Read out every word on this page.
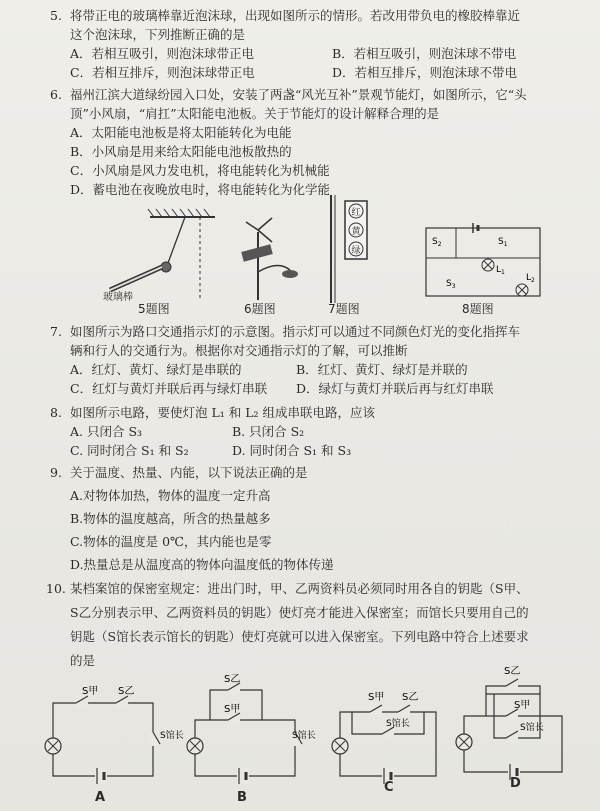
5. 将带正电的玻璃棒靠近泡沫球，出现如图所示的情形。若改用带负电的橡胶棒靠近
这个泡沫球，下列推断正确的是
A．若相互吸引，则泡沫球带正电	B．若相互吸引，则泡沫球不带电
C．若相互排斥，则泡沫球带正电	D．若相互排斥，则泡沫球不带电
6. 福州江滨大道绿纷园入口处，安装了两盏“风光互补”景观节能灯，如图所示，它“头
顶”小风扇，“肩扛”太阳能电池板。关于节能灯的设计解释合理的是
A．太阳能电池板是将太阳能转化为电能
B．小风扇是用来给太阳能电池板散热的
C．小风扇是风力发电机，将电能转化为机械能
D．蓄电池在夜晚放电时，将电能转化为化学能
玻璃棒
5题图	6题图
红
黄
绿
7题图
$S_2$	$S_1$
$L_1$
$S_3$
$L_2$
8题图
7. 如图所示为路口交通指示灯的示意图。指示灯可以通过不同颜色灯光的变化指挥车
辆和行人的交通行为。根据你对交通指示灯的了解，可以推断
A．红灯、黄灯、绿灯是串联的	B．红灯、黄灯、绿灯是并联的
C．红灯与黄灯并联后再与绿灯串联 D．绿灯与黄灯并联后再与红灯串联
8. 如图所示电路，要使灯泡 L₁ 和 L₂ 组成串联电路，应该
A. 只闭合 S₃	B. 只闭合 S₂
C. 同时闭合 S₁ 和 S₂	D. 同时闭合 S₁ 和 S₃
9. 关于温度、热量、内能，以下说法正确的是
A.对物体加热，物体的温度一定升高
B.物体的温度越高，所含的热量越多
C.物体的温度是 0℃，其内能也是零
D.热量总是从温度高的物体向温度低的物体传递
10. 某档案馆的保密室规定：进出门时，甲、乙两资料员必须同时用各自的钥匙（S甲、
S乙分别表示甲、乙两资料员的钥匙）使灯亮才能进入保密室；而馆长只要用自己的
钥匙（S馆长表示馆长的钥匙）使灯亮就可以进入保密室。下列电路中符合上述要求
的是
S甲 S乙
S馆长
A
S乙
S甲
S馆长
B
S甲 S乙
S馆长
C
S乙
S甲
S馆长
D
